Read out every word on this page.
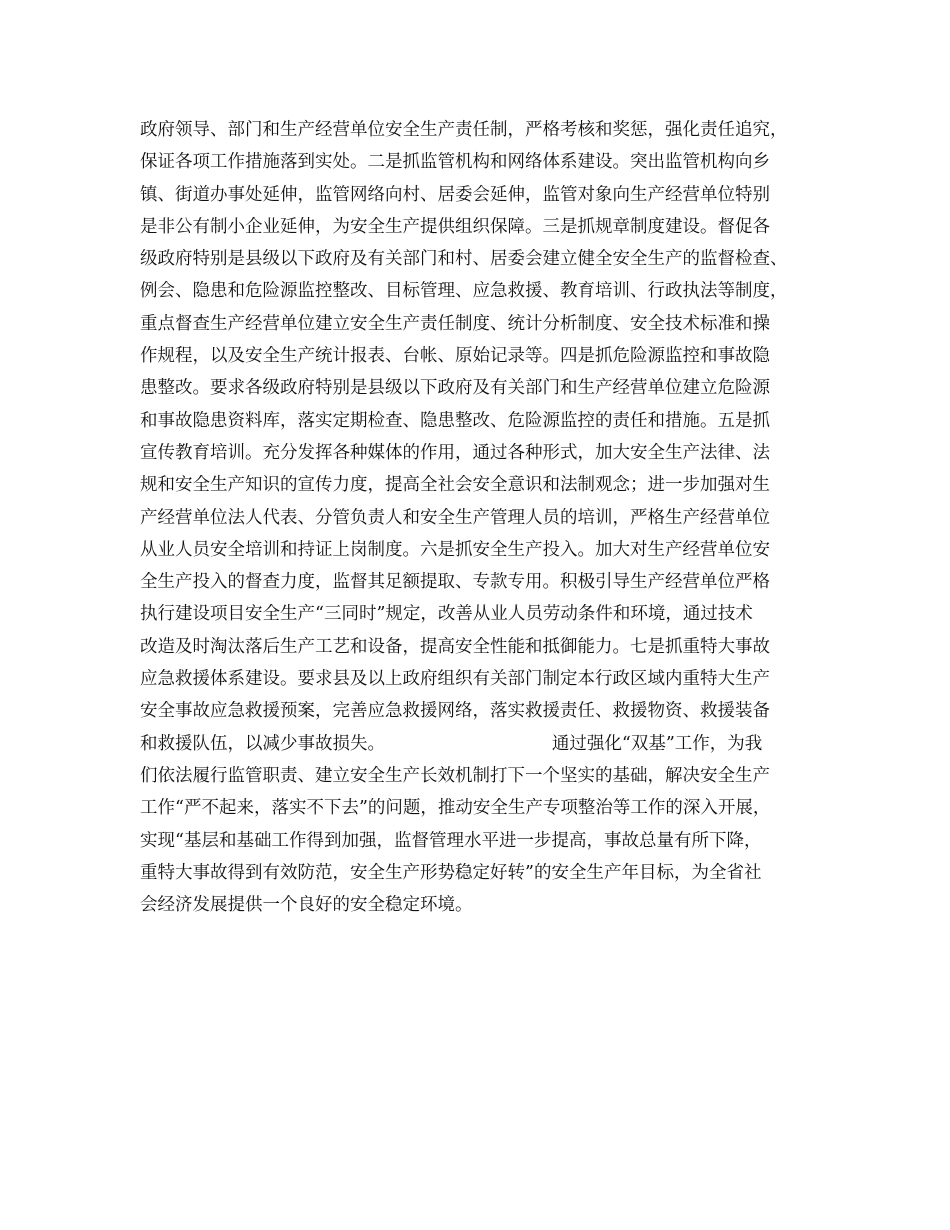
政府领导、部门和生产经营单位安全生产责任制，严格考核和奖惩，强化责任追究，
保证各项工作措施落到实处。二是抓监管机构和网络体系建设。突出监管机构向乡
镇、街道办事处延伸，监管网络向村、居委会延伸，监管对象向生产经营单位特别
是非公有制小企业延伸，为安全生产提供组织保障。三是抓规章制度建设。督促各
级政府特别是县级以下政府及有关部门和村、居委会建立健全安全生产的监督检查、
例会、隐患和危险源监控整改、目标管理、应急救援、教育培训、行政执法等制度，
重点督查生产经营单位建立安全生产责任制度、统计分析制度、安全技术标准和操
作规程，以及安全生产统计报表、台帐、原始记录等。四是抓危险源监控和事故隐
患整改。要求各级政府特别是县级以下政府及有关部门和生产经营单位建立危险源
和事故隐患资料库，落实定期检查、隐患整改、危险源监控的责任和措施。五是抓
宣传教育培训。充分发挥各种媒体的作用，通过各种形式，加大安全生产法律、法
规和安全生产知识的宣传力度，提高全社会安全意识和法制观念；进一步加强对生
产经营单位法人代表、分管负责人和安全生产管理人员的培训，严格生产经营单位
从业人员安全培训和持证上岗制度。六是抓安全生产投入。加大对生产经营单位安
全生产投入的督查力度，监督其足额提取、专款专用。积极引导生产经营单位严格
执行建设项目安全生产“三同时”规定，改善从业人员劳动条件和环境，通过技术
改造及时淘汰落后生产工艺和设备，提高安全性能和抵御能力。七是抓重特大事故
应急救援体系建设。要求县及以上政府组织有关部门制定本行政区域内重特大生产
安全事故应急救援预案，完善应急救援网络，落实救援责任、救援物资、救援装备
和救援队伍，以减少事故损失。                              通过强化“双基”工作，为我
们依法履行监管职责、建立安全生产长效机制打下一个坚实的基础，解决安全生产
工作“严不起来，落实不下去”的问题，推动安全生产专项整治等工作的深入开展，
实现“基层和基础工作得到加强，监督管理水平进一步提高，事故总量有所下降，
重特大事故得到有效防范，安全生产形势稳定好转”的安全生产年目标，为全省社
会经济发展提供一个良好的安全稳定环境。
